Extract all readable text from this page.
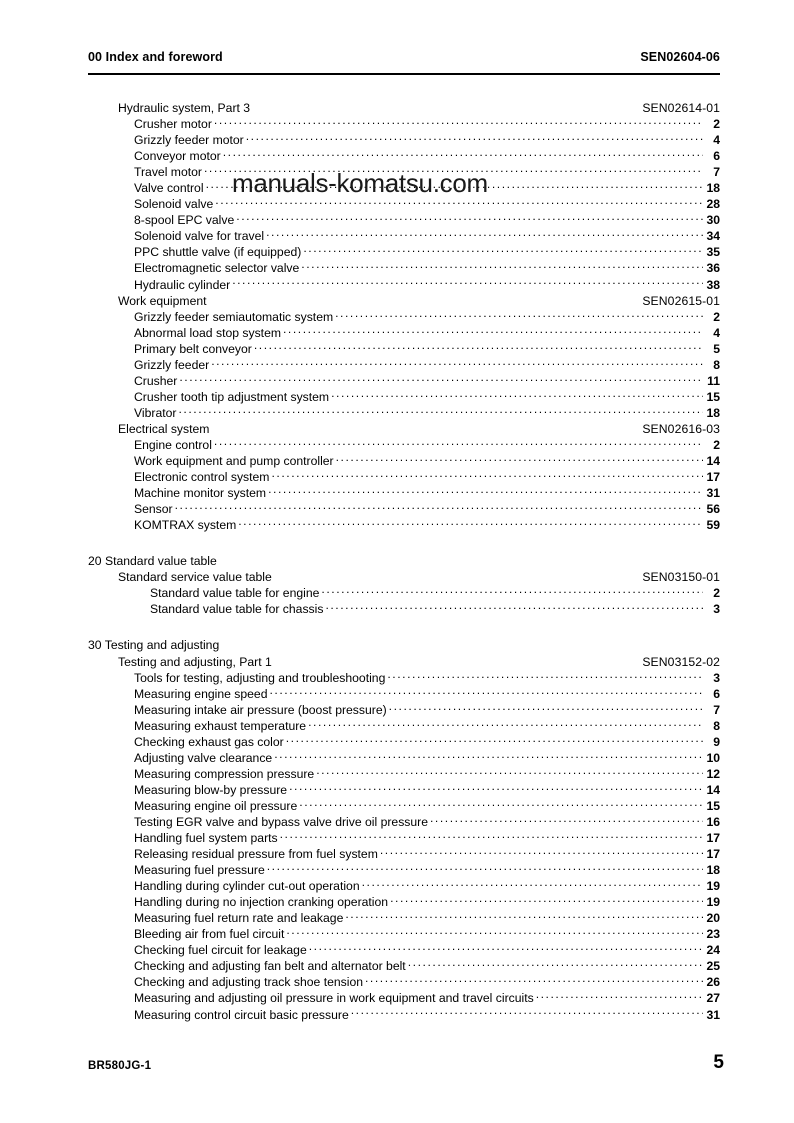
00 Index and foreword	SEN02604-06
Hydraulic system, Part 3	SEN02614-01
Crusher motor .....	2
Grizzly feeder motor .....	4
Conveyor motor .....	6
Travel motor .....	7
Valve control .....	18
Solenoid valve .....	28
8-spool EPC valve .....	30
Solenoid valve for travel .....	34
PPC shuttle valve (if equipped) .....	35
Electromagnetic selector valve .....	36
Hydraulic cylinder .....	38
Work equipment	SEN02615-01
Grizzly feeder semiautomatic system .....	2
Abnormal load stop system .....	4
Primary belt conveyor .....	5
Grizzly feeder .....	8
Crusher .....	11
Crusher tooth tip adjustment system .....	15
Vibrator .....	18
Electrical system	SEN02616-03
Engine control .....	2
Work equipment and pump controller .....	14
Electronic control system .....	17
Machine monitor system .....	31
Sensor .....	56
KOMTRAX system .....	59
20 Standard value table
Standard service value table	SEN03150-01
Standard value table for engine .....	2
Standard value table for chassis .....	3
30 Testing and adjusting
Testing and adjusting, Part 1	SEN03152-02
Tools for testing, adjusting and troubleshooting .....	3
Measuring engine speed .....	6
Measuring intake air pressure (boost pressure) .....	7
Measuring exhaust temperature .....	8
Checking exhaust gas color .....	9
Adjusting valve clearance .....	10
Measuring compression pressure .....	12
Measuring blow-by pressure .....	14
Measuring engine oil pressure .....	15
Testing EGR valve and bypass valve drive oil pressure .....	16
Handling fuel system parts .....	17
Releasing residual pressure from fuel system .....	17
Measuring fuel pressure .....	18
Handling during cylinder cut-out operation .....	19
Handling during no injection cranking operation .....	19
Measuring fuel return rate and leakage .....	20
Bleeding air from fuel circuit .....	23
Checking fuel circuit for leakage .....	24
Checking and adjusting fan belt and alternator belt .....	25
Checking and adjusting track shoe tension .....	26
Measuring and adjusting oil pressure in work equipment and travel circuits .....	27
Measuring control circuit basic pressure .....	31
manuals-komatsu.com
BR580JG-1	5
